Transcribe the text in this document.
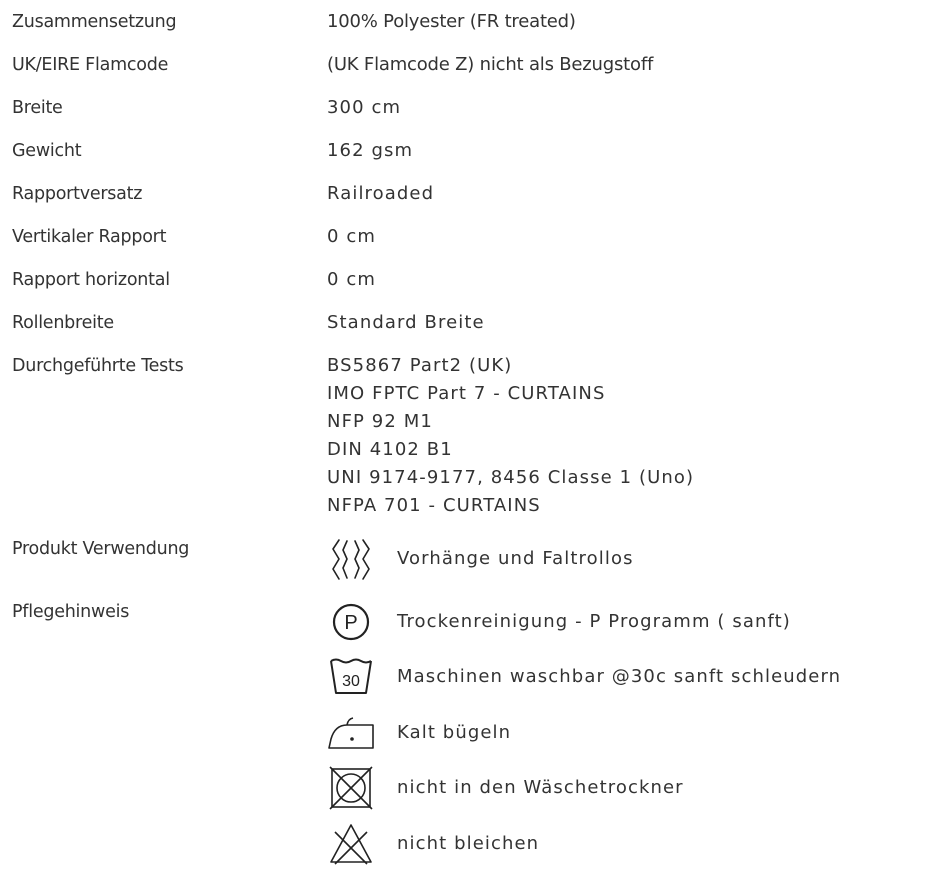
Zusammensetzung	100% Polyester (FR treated)
UK/EIRE Flamcode	(UK Flamcode Z) nicht als Bezugstoff
Breite	300 cm
Gewicht	162 gsm
Rapportversatz	Railroaded
Vertikaler Rapport	0 cm
Rapport horizontal	0 cm
Rollenbreite	Standard Breite
Durchgeführte Tests	BS5867 Part2 (UK)
IMO FPTC Part 7 - CURTAINS
NFP 92 M1
DIN 4102 B1
UNI 9174-9177, 8456 Classe 1 (Uno)
NFPA 701 - CURTAINS
Produkt Verwendung	Vorhänge und Faltrollos
Pflegehinweis	P Trockenreinigung - P Programm ( sanft)
30 Maschinen waschbar @30c sanft schleudern
Kalt bügeln
nicht in den Wäschetrockner
nicht bleichen
